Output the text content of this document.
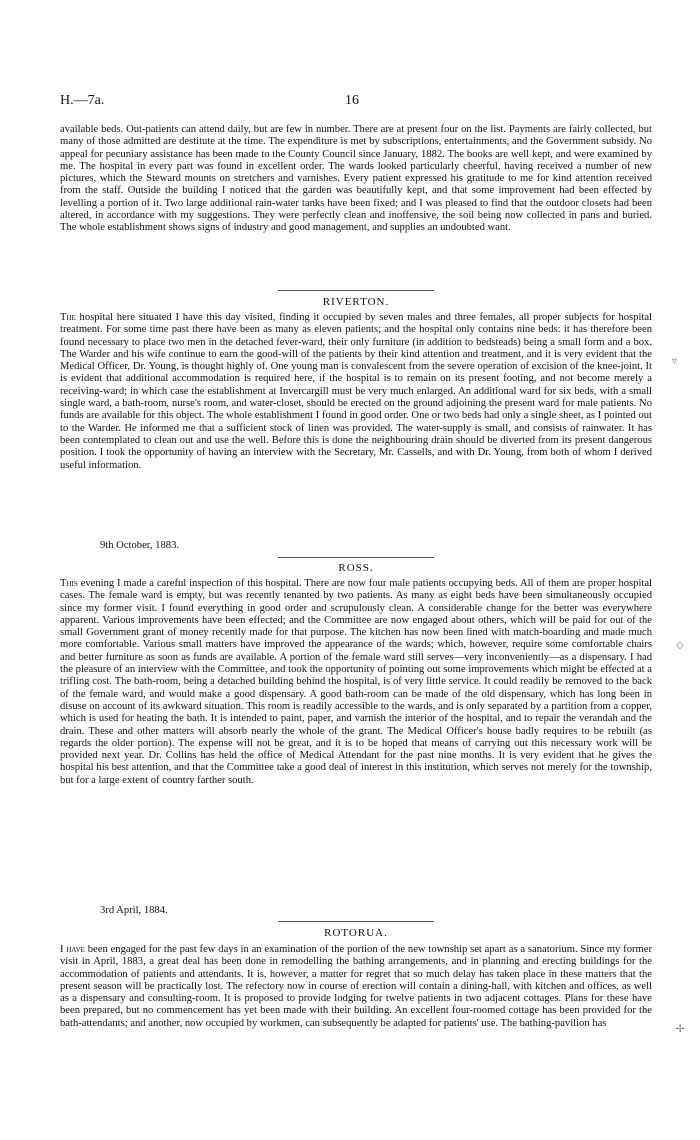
H.—7a.	16

available beds. Out-patients can attend daily, but are few in number. There are at present four on the list. Payments are fairly collected, but many of those admitted are destitute at the time. The expenditure is met by subscriptions, entertainments, and the Government subsidy. No appeal for pecuniary assistance has been made to the County Council since January, 1882. The books are well kept, and were examined by me. The hospital in every part was found in excellent order. The wards looked particularly cheerful, having received a number of new pictures, which the Steward mounts on stretchers and varnishes. Every patient expressed his gratitude to me for kind attention received from the staff. Outside the building I noticed that the garden was beautifully kept, and that some improvement had been effected by levelling a portion of it. Two large additional rain-water tanks have been fixed; and I was pleased to find that the outdoor closets had been altered, in accordance with my suggestions. They were perfectly clean and inoffensive, the soil being now collected in pans and buried. The whole establishment shows signs of industry and good management, and supplies an undoubted want.

RIVERTON.

The hospital here situated I have this day visited, finding it occupied by seven males and three females, all proper subjects for hospital treatment. For some time past there have been as many as eleven patients; and the hospital only contains nine beds: it has therefore been found necessary to place two men in the detached fever-ward, their only furniture (in addition to bedsteads) being a small form and a box. The Warder and his wife continue to earn the good-will of the patients by their kind attention and treatment, and it is very evident that the Medical Officer, Dr. Young, is thought highly of. One young man is convalescent from the severe operation of excision of the knee-joint. It is evident that additional accommodation is required here, if the hospital is to remain on its present footing, and not become merely a receiving-ward; in which case the establishment at Invercargill must be very much enlarged. An additional ward for six beds, with a small single ward, a bath-room, nurse's room, and water-closet, should be erected on the ground adjoining the present ward for male patients. No funds are available for this object. The whole establishment I found in good order. One or two beds had only a single sheet, as I pointed out to the Warder. He informed me that a sufficient stock of linen was provided. The water-supply is small, and consists of rainwater. It has been contemplated to clean out and use the well. Before this is done the neighbouring drain should be diverted from its present dangerous position. I took the opportunity of having an interview with the Secretary, Mr. Cassells, and with Dr. Young, from both of whom I derived useful information.

9th October, 1883.
ROSS.

This evening I made a careful inspection of this hospital. There are now four male patients occupying beds. All of them are proper hospital cases. The female ward is empty, but was recently tenanted by two patients. As many as eight beds have been simultaneously occupied since my former visit. I found everything in good order and scrupulously clean. A considerable change for the better was everywhere apparent. Various improvements have been effected; and the Committee are now engaged about others, which will be paid for out of the small Government grant of money recently made for that purpose. The kitchen has now been lined with match-boarding and made much more comfortable. Various small matters have improved the appearance of the wards; which, however, require some comfortable chairs and better furniture as soon as funds are available. A portion of the female ward still serves—very inconveniently—as a dispensary. I had the pleasure of an interview with the Committee, and took the opportunity of pointing out some improvements which might be effected at a trifling cost. The bath-room, being a detached building behind the hospital, is of very little service. It could readily be removed to the back of the female ward, and would make a good dispensary. A good bath-room can be made of the old dispensary, which has long been in disuse on account of its awkward situation. This room is readily accessible to the wards, and is only separated by a partition from a copper, which is used for heating the bath. It is intended to paint, paper, and varnish the interior of the hospital, and to repair the verandah and the drain. These and other matters will absorb nearly the whole of the grant. The Medical Officer's house badly requires to be rebuilt (as regards the older portion). The expense will not be great, and it is to be hoped that means of carrying out this necessary work will be provided next year. Dr. Collins has held the office of Medical Attendant for the past nine months. It is very evident that he gives the hospital his best attention, and that the Committee take a good deal of interest in this institution, which serves not merely for the township, but for a large extent of country farther south.

3rd April, 1884.
ROTORUA.

I have been engaged for the past few days in an examination of the portion of the new township set apart as a sanatorium. Since my former visit in April, 1883, a great deal has been done in remodelling the bathing arrangements, and in planning and erecting buildings for the accommodation of patients and attendants. It is, however, a matter for regret that so much delay has taken place in these matters that the present season will be practically lost. The refectory now in course of erection will contain a dining-hall, with kitchen and offices, as well as a dispensary and consulting-room. It is proposed to provide lodging for twelve patients in two adjacent cottages. Plans for these have been prepared, but no commencement has yet been made with their building. An excellent four-roomed cottage has been provided for the bath-attendants; and another, now occupied by workmen, can subsequently be adapted for patients' use. The bathing-pavilion has

▿
◇
✢
